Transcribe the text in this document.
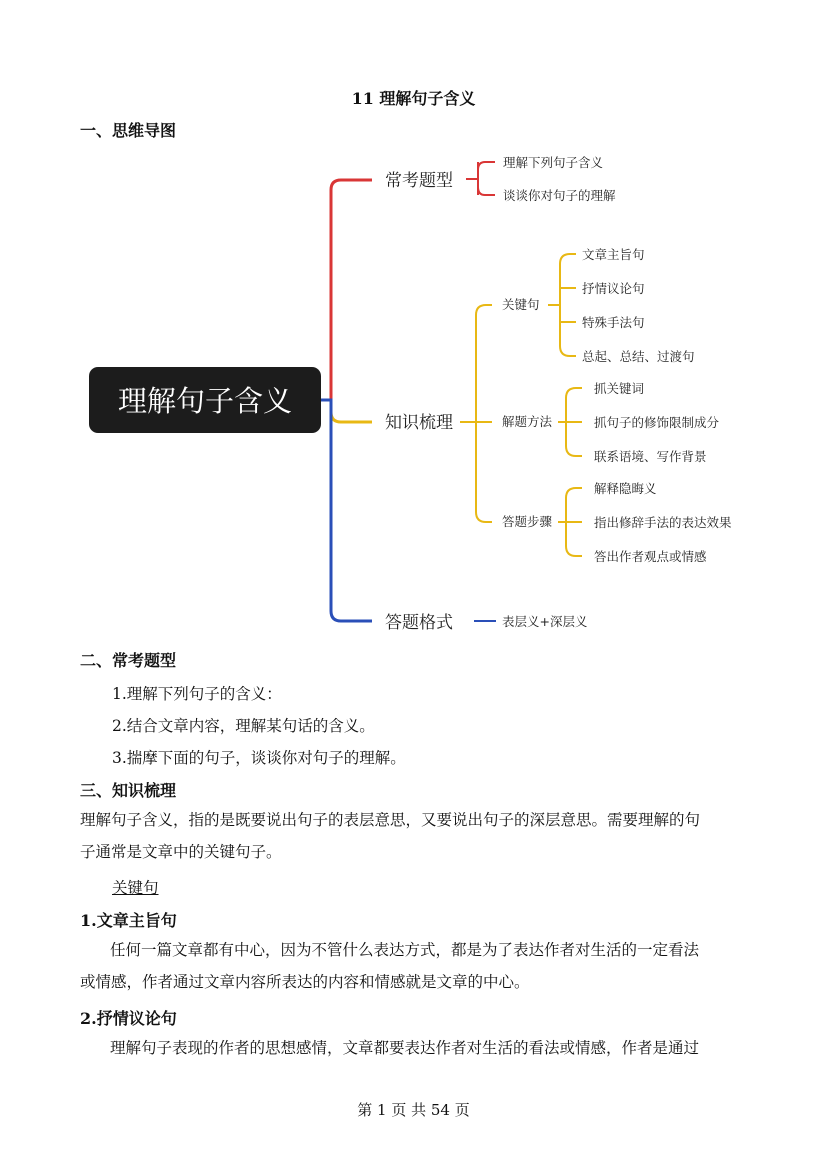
11 理解句子含义
一、思维导图
理解句子含义
常考题型
知识梳理
答题格式
理解下列句子含义
谈谈你对句子的理解
关键句
解题方法
答题步骤
文章主旨句
抒情议论句
特殊手法句
总起、总结、过渡句
抓关键词
抓句子的修饰限制成分
联系语境、写作背景
解释隐晦义
指出修辞手法的表达效果
答出作者观点或情感
表层义+深层义
二、常考题型
1.理解下列句子的含义：
2.结合文章内容，理解某句话的含义。
3.揣摩下面的句子，谈谈你对句子的理解。
三、知识梳理
理解句子含义，指的是既要说出句子的表层意思，又要说出句子的深层意思。需要理解的句
子通常是文章中的关键句子。
关键句
1.文章主旨句
任何一篇文章都有中心，因为不管什么表达方式，都是为了表达作者对生活的一定看法
或情感，作者通过文章内容所表达的内容和情感就是文章的中心。
2.抒情议论句
理解句子表现的作者的思想感情，文章都要表达作者对生活的看法或情感，作者是通过
第 1 页 共 54 页
